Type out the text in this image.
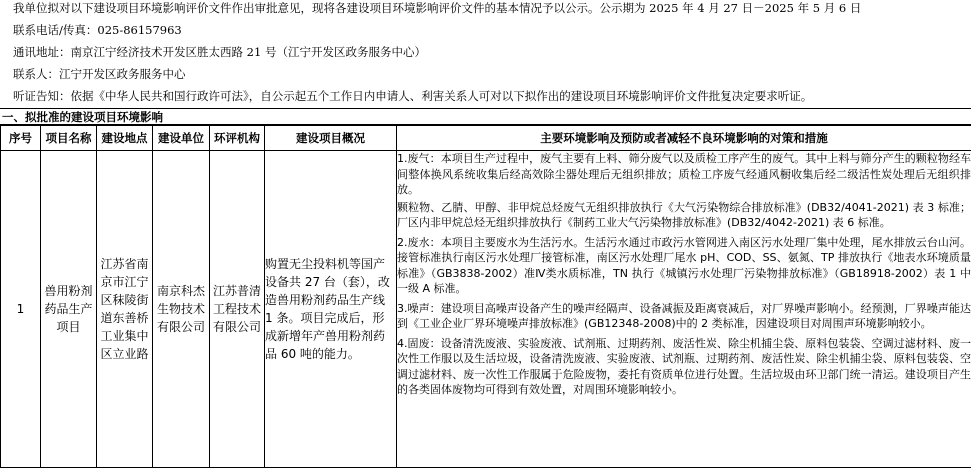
我单位拟对以下建设项目环境影响评价文件作出审批意见，现将各建设项目环境影响评价文件的基本情况予以公示。公示期为 2025 年 4 月 27 日－2025 年 5 月 6 日
联系电话/传真：025-86157963
通讯地址：南京江宁经济技术开发区胜太西路 21 号（江宁开发区政务服务中心）
联系人：江宁开发区政务服务中心
听证告知：依据《中华人民共和国行政许可法》，自公示起五个工作日内申请人、利害关系人可对以下拟作出的建设项目环境影响评价文件批复决定要求听证。
一、拟批准的建设项目环境影响
序号	项目名称	建设地点	建设单位	环评机构	建设项目概况	主要环境影响及预防或者减轻不良环境影响的对策和措施
1	兽用粉剂药品生产项目	江苏省南京市江宁区秣陵街道东善桥工业集中区立业路	南京科杰生物技术有限公司	江苏普清工程技术有限公司	购置无尘投料机等国产设备共 27 台（套），改造兽用粉剂药品生产线 1 条。项目完成后，形成新增年产兽用粉剂药品 60 吨的能力。	1.废气：本项目生产过程中，废气主要有上料、筛分废气以及质检工序产生的废气。其中上料与筛分产生的颗粒物经车间整体换风系统收集后经高效除尘器处理后无组织排放；质检工序废气经通风橱收集后经二级活性炭处理后无组织排放。

颗粒物、乙腈、甲醇、非甲烷总烃废气无组织排放执行《大气污染物综合排放标准》(DB32/4041-2021) 表 3 标准；厂区内非甲烷总烃无组织排放执行《制药工业大气污染物排放标准》(DB32/4042-2021) 表 6 标准。

2.废水：本项目主要废水为生活污水。生活污水通过市政污水管网进入南区污水处理厂集中处理，尾水排放云台山河。接管标准执行南区污水处理厂接管标准，南区污水处理厂尾水 pH、COD、SS、氨氮、TP 排放执行《地表水环境质量标准》（GB3838-2002）准Ⅳ类水质标准，TN 执行《城镇污水处理厂污染物排放标准》（GB18918-2002）表 1 中一级 A 标准。

3.噪声：建设项目高噪声设备产生的噪声经隔声、设备减振及距离衰减后，对厂界噪声影响小。经预测，厂界噪声能达到《工业企业厂界环境噪声排放标准》(GB12348-2008)中的 2 类标准，因建设项目对周围声环境影响较小。

4.固废：设备清洗废液、实验废液、试剂瓶、过期药剂、废活性炭、除尘机捕尘袋、原料包装袋、空调过滤材料、废一次性工作服以及生活垃圾，设备清洗废液、实验废液、试剂瓶、过期药剂、废活性炭、除尘机捕尘袋、原料包装袋、空调过滤材料、废一次性工作服属于危险废物，委托有资质单位进行处置。生活垃圾由环卫部门统一清运。建设项目产生的各类固体废物均可得到有效处置，对周围环境影响较小。
